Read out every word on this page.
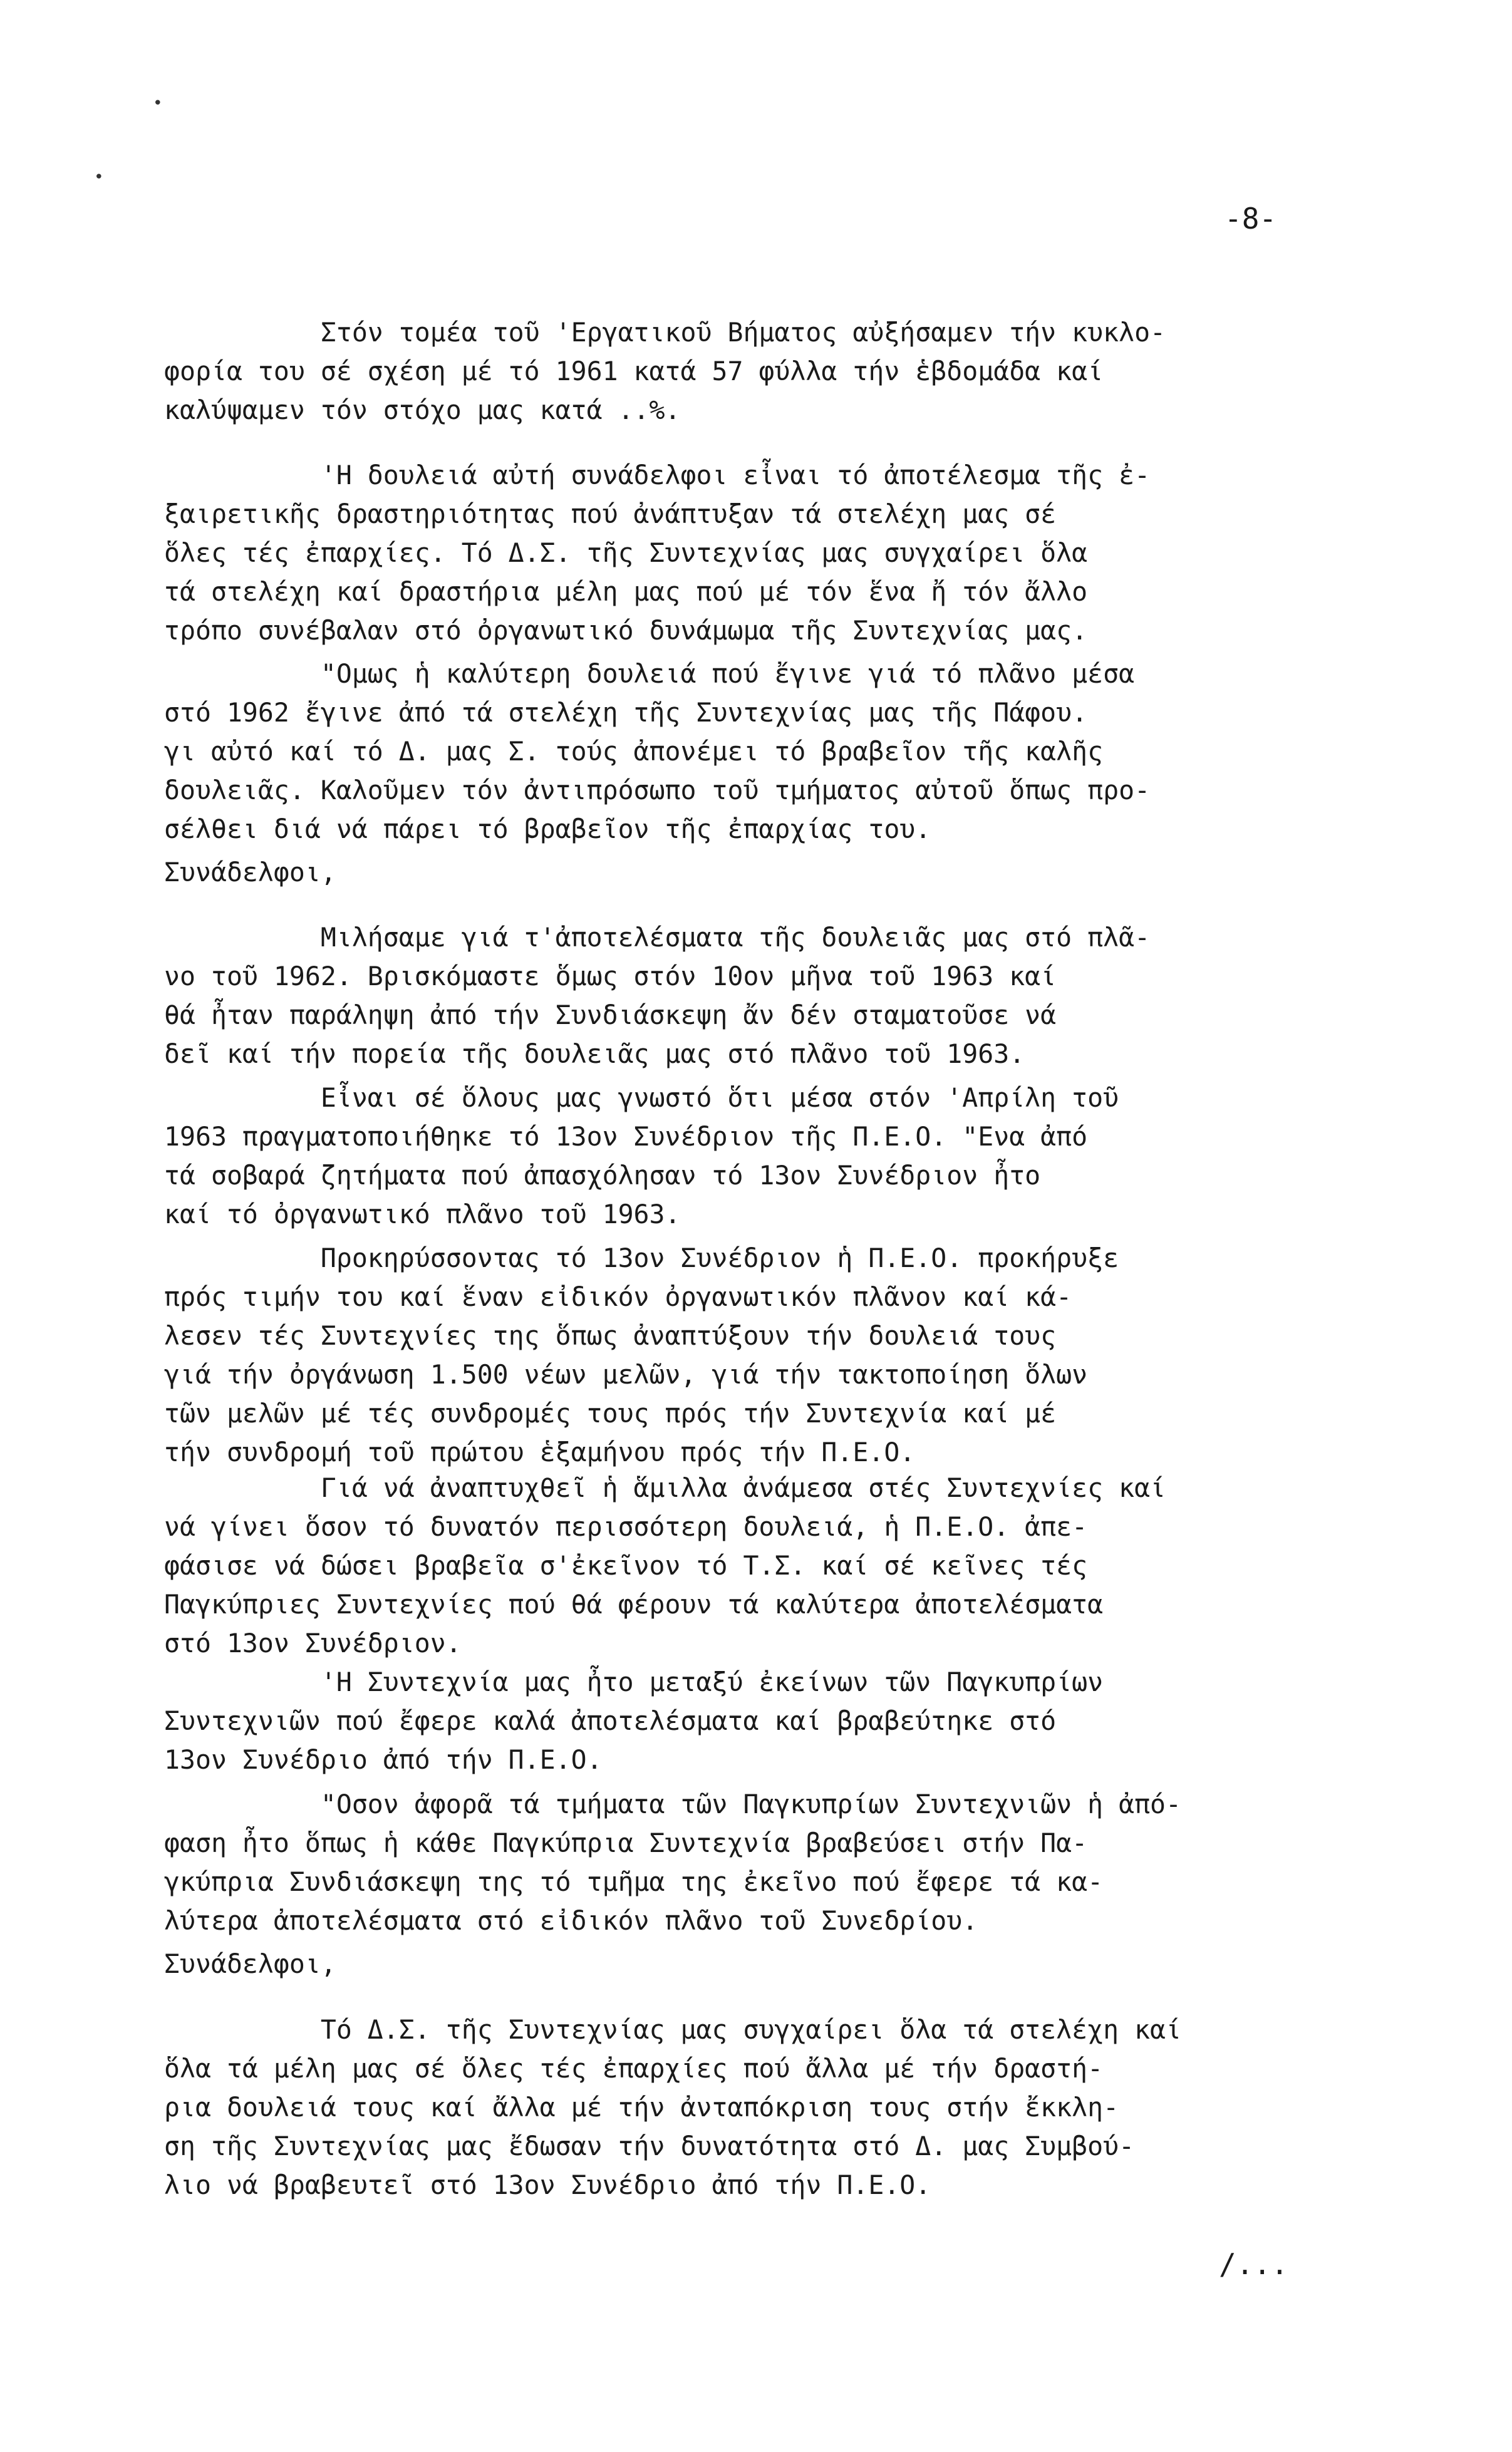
-8-
Στόν τομέα τοῦ 'Εργατικοῦ Βήματος αὐξήσαμεν τήν κυκλο-
φορία του σέ σχέση μέ τό 1961 κατά 57 φύλλα τήν ἑβδομάδα καί
καλύψαμεν τόν στόχο μας κατά ..%.
'Η δουλειά αὐτή συνάδελφοι εἶναι τό ἀποτέλεσμα τῆς ἐ-
ξαιρετικῆς δραστηριότητας πού ἀνάπτυξαν τά στελέχη μας σέ
ὅλες τές ἐπαρχίες. Τό Δ.Σ. τῆς Συντεχνίας μας συγχαίρει ὅλα
τά στελέχη καί δραστήρια μέλη μας πού μέ τόν ἕνα ἤ τόν ἄλλο
τρόπο συνέβαλαν στό ὀργανωτικό δυνάμωμα τῆς Συντεχνίας μας.
"Ομως ἡ καλύτερη δουλειά πού ἔγινε γιά τό πλᾶνο μέσα
στό 1962 ἔγινε ἀπό τά στελέχη τῆς Συντεχνίας μας τῆς Πάφου.
γι αὐτό καί τό Δ. μας Σ. τούς ἀπονέμει τό βραβεῖον τῆς καλῆς
δουλειᾶς. Καλοῦμεν τόν ἀντιπρόσωπο τοῦ τμήματος αὐτοῦ ὅπως προ-
σέλθει διά νά πάρει τό βραβεῖον τῆς ἐπαρχίας του.
Συνάδελφοι,
Μιλήσαμε γιά τ'ἀποτελέσματα τῆς δουλειᾶς μας στό πλᾶ-
νο τοῦ 1962. Βρισκόμαστε ὅμως στόν 10ον μῆνα τοῦ 1963 καί
θά ἦταν παράληψη ἀπό τήν Συνδιάσκεψη ἄν δέν σταματοῦσε νά
δεῖ καί τήν πορεία τῆς δουλειᾶς μας στό πλᾶνο τοῦ 1963.
Εἶναι σέ ὅλους μας γνωστό ὅτι μέσα στόν 'Απρίλη τοῦ
1963 πραγματοποιήθηκε τό 13ον Συνέδριον τῆς Π.Ε.Ο. "Ενα ἀπό
τά σοβαρά ζητήματα πού ἀπασχόλησαν τό 13ον Συνέδριον ἦτο
καί τό ὀργανωτικό πλᾶνο τοῦ 1963.
Προκηρύσσοντας τό 13ον Συνέδριον ἡ Π.Ε.Ο. προκήρυξε
πρός τιμήν του καί ἕναν εἰδικόν ὀργανωτικόν πλᾶνον καί κά-
λεσεν τές Συντεχνίες της ὅπως ἀναπτύξουν τήν δουλειά τους
γιά τήν ὀργάνωση 1.500 νέων μελῶν, γιά τήν τακτοποίηση ὅλων
τῶν μελῶν μέ τές συνδρομές τους πρός τήν Συντεχνία καί μέ
τήν συνδρομή τοῦ πρώτου ἑξαμήνου πρός τήν Π.Ε.Ο.
Γιά νά ἀναπτυχθεῖ ἡ ἅμιλλα ἀνάμεσα στές Συντεχνίες καί
νά γίνει ὅσον τό δυνατόν περισσότερη δουλειά, ἡ Π.Ε.Ο. ἀπε-
φάσισε νά δώσει βραβεῖα σ'ἐκεῖνον τό Τ.Σ. καί σέ κεῖνες τές
Παγκύπριες Συντεχνίες πού θά φέρουν τά καλύτερα ἀποτελέσματα
στό 13ον Συνέδριον.
'Η Συντεχνία μας ἦτο μεταξύ ἐκείνων τῶν Παγκυπρίων
Συντεχνιῶν πού ἔφερε καλά ἀποτελέσματα καί βραβεύτηκε στό
13ον Συνέδριο ἀπό τήν Π.Ε.Ο.
"Οσον ἀφορᾶ τά τμήματα τῶν Παγκυπρίων Συντεχνιῶν ἡ ἀπό-
φαση ἦτο ὅπως ἡ κάθε Παγκύπρια Συντεχνία βραβεύσει στήν Πα-
γκύπρια Συνδιάσκεψη της τό τμῆμα της ἐκεῖνο πού ἔφερε τά κα-
λύτερα ἀποτελέσματα στό εἰδικόν πλᾶνο τοῦ Συνεδρίου.
Συνάδελφοι,
Τό Δ.Σ. τῆς Συντεχνίας μας συγχαίρει ὅλα τά στελέχη καί
ὅλα τά μέλη μας σέ ὅλες τές ἐπαρχίες πού ἄλλα μέ τήν δραστή-
ρια δουλειά τους καί ἄλλα μέ τήν ἀνταπόκριση τους στήν ἔκκλη-
ση τῆς Συντεχνίας μας ἔδωσαν τήν δυνατότητα στό Δ. μας Συμβού-
λιο νά βραβευτεῖ στό 13ον Συνέδριο ἀπό τήν Π.Ε.Ο.
/...
•
•
